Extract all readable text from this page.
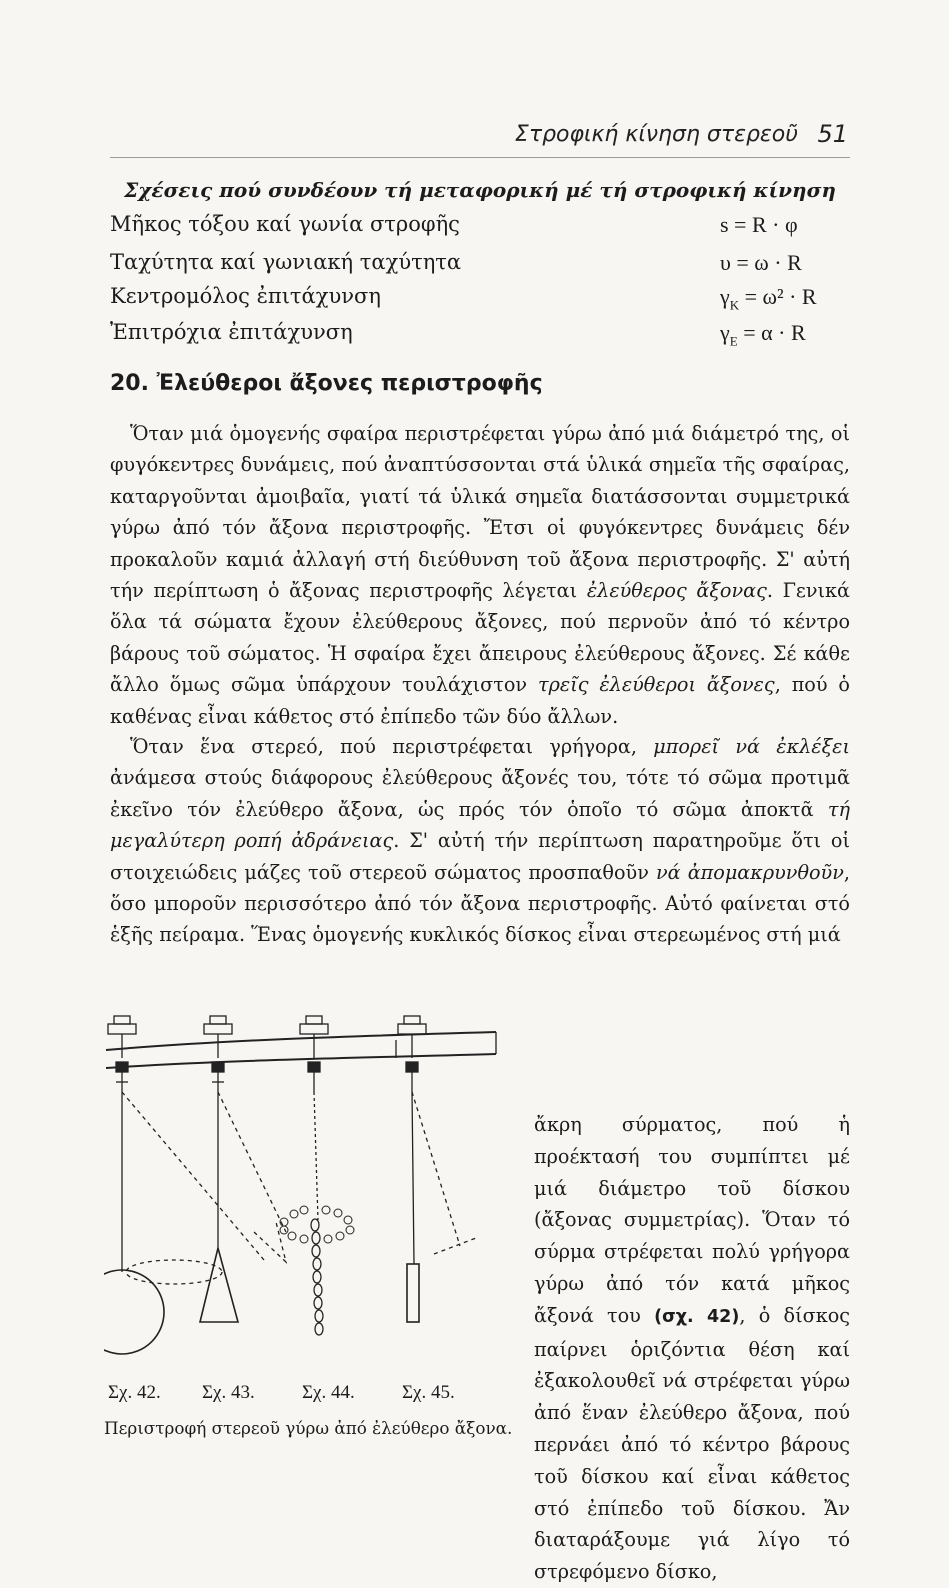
Στροφική κίνηση στερεοῦ 51
Σχέσεις πού συνδέουν τή μεταφορική μέ τή στροφική κίνηση
Μῆκος τόξου καί γωνία στροφῆς	s = R · φ
Ταχύτητα καί γωνιακή ταχύτητα	υ = ω · R
Κεντρομόλος ἐπιτάχυνση	$\gamma_K = \omega^2 \cdot R$
Ἐπιτρόχια ἐπιτάχυνση	$\gamma_E = \alpha \cdot R$
20. Ἐλεύθεροι ἄξονες περιστροφῆς

Ὅταν μιά ὁμογενής σφαίρα περιστρέφεται γύρω ἀπό μιά διάμετρό της, οἱ φυγόκεντρες δυνάμεις, πού ἀναπτύσσονται στά ὑλικά σημεῖα τῆς σφαίρας, καταργοῦνται ἀμοιβαῖα, γιατί τά ὑλικά σημεῖα διατάσσονται συμμετρικά γύρω ἀπό τόν ἄξονα περιστροφῆς. Ἔτσι οἱ φυγόκεντρες δυνάμεις δέν προκαλοῦν καμιά ἀλλαγή στή διεύθυνση τοῦ ἄξονα περιστροφῆς. Σ' αὐτή τήν περίπτωση ὁ ἄξονας περιστροφῆς λέγεται ἐλεύθερος ἄξονας. Γενικά ὅλα τά σώματα ἔχουν ἐλεύθερους ἄξονες, πού περνοῦν ἀπό τό κέντρο βάρους τοῦ σώματος. Ἡ σφαίρα ἔχει ἄπειρους ἐλεύθερους ἄξονες. Σέ κάθε ἄλλο ὅμως σῶμα ὑπάρχουν τουλάχιστον τρεῖς ἐλεύθεροι ἄξονες, πού ὁ καθένας εἶναι κάθετος στό ἐπίπεδο τῶν δύο ἄλλων.

Ὅταν ἕνα στερεό, πού περιστρέφεται γρήγορα, μπορεῖ νά ἐκλέξει ἀνάμεσα στούς διάφορους ἐλεύθερους ἄξονές του, τότε τό σῶμα προτιμᾶ ἐκεῖνο τόν ἐλεύθερο ἄξονα, ὡς πρός τόν ὁποῖο τό σῶμα ἀποκτᾶ τή μεγαλύτερη ροπή ἀδράνειας. Σ' αὐτή τήν περίπτωση παρατηροῦμε ὅτι οἱ στοιχειώδεις μάζες τοῦ στερεοῦ σώματος προσπαθοῦν νά ἀπομακρυνθοῦν, ὅσο μποροῦν περισσότερο ἀπό τόν ἄξονα περιστροφῆς. Αὐτό φαίνεται στό ἑξῆς πείραμα. Ἕνας ὁμογενής κυκλικός δίσκος εἶναι στερεωμένος στή μιά

ἄκρη σύρματος, πού ἡ προέκτασή του συμπίπτει μέ μιά διάμετρο τοῦ δίσκου (ἄξονας συμμετρίας). Ὅταν τό σύρμα στρέφεται πολύ γρήγορα γύρω ἀπό τόν κατά μῆκος ἄξονά του (σχ. 42), ὁ δίσκος παίρνει ὁριζόντια θέση καί ἐξακολουθεῖ νά στρέφεται γύρω ἀπό ἕναν ἐλεύθερο ἄξονα, πού περνάει ἀπό τό κέντρο βάρους τοῦ δίσκου καί εἶναι κάθετος στό ἐπίπεδο τοῦ δίσκου. Ἄν διαταράξουμε γιά λίγο τό στρεφόμενο δίσκο,

Σχ. 42. Σχ. 43. Σχ. 44. Σχ. 45.
Περιστροφή στερεοῦ γύρω ἀπό ἐλεύθερο ἄξονα.
